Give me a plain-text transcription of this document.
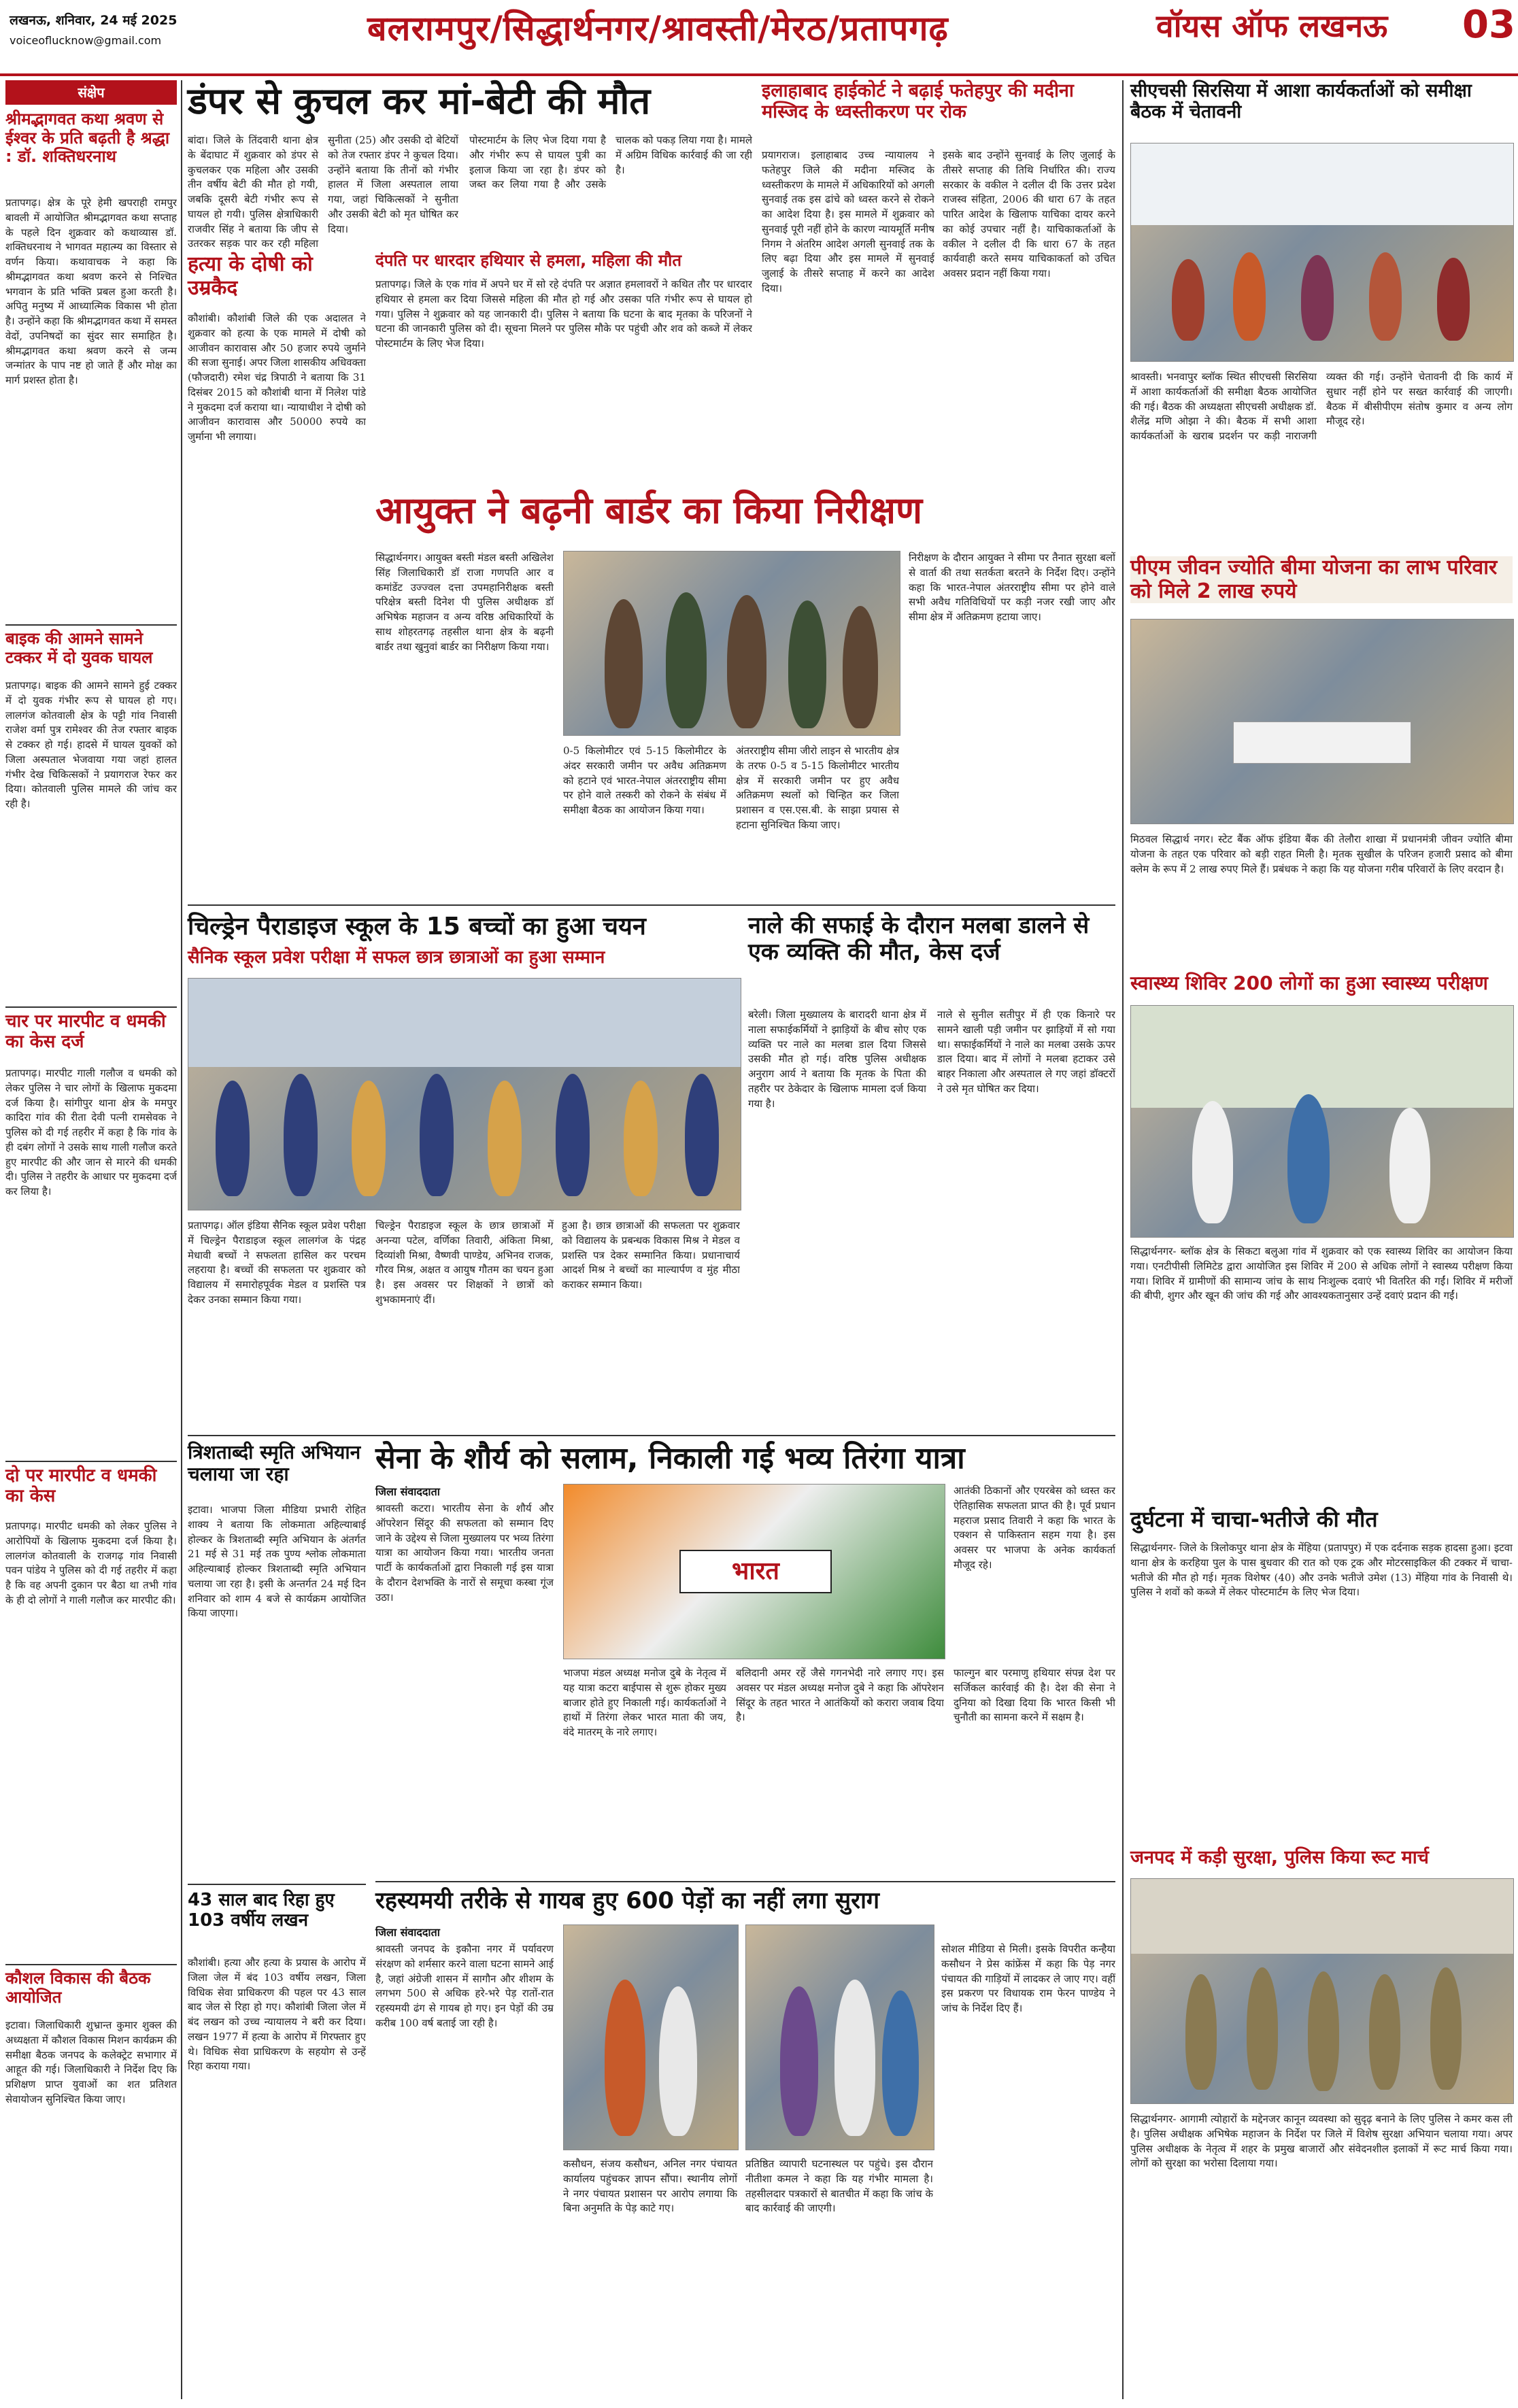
लखनऊ, शनिवार, 24 मई 2025
voiceoflucknow@gmail.com	बलरामपुर/सिद्धार्थनगर/श्रावस्ती/मेरठ/प्रतापगढ़	वॉयस ऑफ लखनऊ 03
संक्षेप
श्रीमद्भागवत कथा श्रवण से ईश्वर के प्रति बढ़ती है श्रद्धा : डॉ. शक्तिधरनाथ
प्रतापगढ़। क्षेत्र के पूरे हेमी खपराही रामपुर बावली में आयोजित श्रीमद्भागवत कथा सप्ताह के पहले दिन शुक्रवार को कथाव्यास डॉ. शक्तिधरनाथ ने भागवत महात्म्य का विस्तार से वर्णन किया। कथावाचक ने कहा कि श्रीमद्भागवत कथा श्रवण करने से निश्चित भगवान के प्रति भक्ति प्रबल हुआ करती है। अपितु मनुष्य में आध्यात्मिक विकास भी होता है। उन्होंने कहा कि श्रीमद्भागवत कथा में समस्त वेदों, उपनिषदों का सुंदर सार समाहित है। श्रीमद्भागवत कथा श्रवण करने से जन्म जन्मांतर के पाप नष्ट हो जाते हैं और मोक्ष का मार्ग प्रशस्त होता है।
बाइक की आमने सामने टक्कर में दो युवक घायल
प्रतापगढ़। बाइक की आमने सामने हुई टक्कर में दो युवक गंभीर रूप से घायल हो गए। लालगंज कोतवाली क्षेत्र के पट्टी गांव निवासी राजेश वर्मा पुत्र रामेश्वर की तेज रफ्तार बाइक से टक्कर हो गई। हादसे में घायल युवकों को जिला अस्पताल भेजवाया गया जहां हालत गंभीर देख चिकित्सकों ने प्रयागराज रेफर कर दिया। कोतवाली पुलिस मामले की जांच कर रही है।
चार पर मारपीट व धमकी का केस दर्ज
प्रतापगढ़। मारपीट गाली गलौज व धमकी को लेकर पुलिस ने चार लोगों के खिलाफ मुकदमा दर्ज किया है। सांगीपुर थाना क्षेत्र के ममपुर कादिरा गांव की रीता देवी पत्नी रामसेवक ने पुलिस को दी गई तहरीर में कहा है कि गांव के ही दबंग लोगों ने उसके साथ गाली गलौज करते हुए मारपीट की और जान से मारने की धमकी दी। पुलिस ने तहरीर के आधार पर मुकदमा दर्ज कर लिया है।
दो पर मारपीट व धमकी का केस
प्रतापगढ़। मारपीट धमकी को लेकर पुलिस ने आरोपियों के खिलाफ मुकदमा दर्ज किया है। लालगंज कोतवाली के राजगढ़ गांव निवासी पवन पांडेय ने पुलिस को दी गई तहरीर में कहा है कि वह अपनी दुकान पर बैठा था तभी गांव के ही दो लोगों ने गाली गलौज कर मारपीट की।
कौशल विकास की बैठक आयोजित
इटावा। जिलाधिकारी शुभ्रान्त कुमार शुक्ल की अध्यक्षता में कौशल विकास मिशन कार्यक्रम की समीक्षा बैठक जनपद के कलेक्ट्रेट सभागार में आहूत की गई। जिलाधिकारी ने निर्देश दिए कि प्रशिक्षण प्राप्त युवाओं का शत प्रतिशत सेवायोजन सुनिश्चित किया जाए।
डंपर से कुचल कर मां-बेटी की मौत
बांदा। जिले के तिंदवारी थाना क्षेत्र के बेंदाघाट में शुक्रवार को डंपर से कुचलकर एक महिला और उसकी तीन वर्षीय बेटी की मौत हो गयी, जबकि दूसरी बेटी गंभीर रूप से घायल हो गयी। पुलिस क्षेत्राधिकारी राजवीर सिंह ने बताया कि जीप से उतरकर सड़क पार कर रही महिला सुनीता (25) और उसकी दो बेटियों को तेज रफ्तार डंपर ने कुचल दिया। उन्होंने बताया कि तीनों को गंभीर हालत में जिला अस्पताल लाया गया, जहां चिकित्सकों ने सुनीता और उसकी बेटी को मृत घोषित कर दिया।
पोस्टमार्टम के लिए भेज दिया गया है और गंभीर रूप से घायल पुत्री का इलाज किया जा रहा है। डंपर को जब्त कर लिया गया है और उसके चालक को पकड़ लिया गया है। मामले में अग्रिम विधिक कार्रवाई की जा रही है।
दंपति पर धारदार हथियार से हमला, महिला की मौत
प्रतापगढ़। जिले के एक गांव में अपने घर में सो रहे दंपति पर अज्ञात हमलावरों ने कथित तौर पर धारदार हथियार से हमला कर दिया जिससे महिला की मौत हो गई और उसका पति गंभीर रूप से घायल हो गया। पुलिस ने शुक्रवार को यह जानकारी दी। पुलिस ने बताया कि घटना के बाद मृतका के परिजनों ने घटना की जानकारी पुलिस को दी। सूचना मिलने पर पुलिस मौके पर पहुंची और शव को कब्जे में लेकर पोस्टमार्टम के लिए भेज दिया।
हत्या के दोषी को उम्रकैद
कौशांबी। कौशांबी जिले की एक अदालत ने शुक्रवार को हत्या के एक मामले में दोषी को आजीवन कारावास और 50 हजार रुपये जुर्माने की सजा सुनाई। अपर जिला शासकीय अधिवक्ता (फौजदारी) रमेश चंद्र त्रिपाठी ने बताया कि 31 दिसंबर 2015 को कौशांबी थाना में निलेश पांडे ने मुकदमा दर्ज कराया था। न्यायाधीश ने दोषी को आजीवन कारावास और 50000 रुपये का जुर्माना भी लगाया।
इलाहाबाद हाईकोर्ट ने बढ़ाई फतेहपुर की मदीना मस्जिद के ध्वस्तीकरण पर रोक
प्रयागराज। इलाहाबाद उच्च न्यायालय ने फतेहपुर जिले की मदीना मस्जिद के ध्वस्तीकरण के मामले में अधिकारियों को अगली सुनवाई तक इस ढांचे को ध्वस्त करने से रोकने का आदेश दिया है। इस मामले में शुक्रवार को सुनवाई पूरी नहीं होने के कारण न्यायमूर्ति मनीष निगम ने अंतरिम आदेश अगली सुनवाई तक के लिए बढ़ा दिया और इस मामले में सुनवाई जुलाई के तीसरे सप्ताह में करने का आदेश दिया।
इसके बाद उन्होंने सुनवाई के लिए जुलाई के तीसरे सप्ताह की तिथि निर्धारित की। राज्य सरकार के वकील ने दलील दी कि उत्तर प्रदेश राजस्व संहिता, 2006 की धारा 67 के तहत पारित आदेश के खिलाफ याचिका दायर करने का कोई उपचार नहीं है। याचिकाकर्ताओं के वकील ने दलील दी कि धारा 67 के तहत कार्यवाही करते समय याचिकाकर्ता को उचित अवसर प्रदान नहीं किया गया।
आयुक्त ने बढ़नी बार्डर का किया निरीक्षण
सिद्धार्थनगर। आयुक्त बस्ती मंडल बस्ती अखिलेश सिंह जिलाधिकारी डॉ राजा गणपति आर व कमांडेंट उज्ज्वल दत्ता उपमहानिरीक्षक बस्ती परिक्षेत्र बस्ती दिनेश पी पुलिस अधीक्षक डॉ अभिषेक महाजन व अन्य वरिष्ठ अधिकारियों के साथ शोहरतगढ़ तहसील थाना क्षेत्र के बढ़नी बार्डर तथा खुनुवां बार्डर का निरीक्षण किया गया।
0-5 किलोमीटर एवं 5-15 किलोमीटर के अंदर सरकारी जमीन पर अवैध अतिक्रमण को हटाने एवं भारत-नेपाल अंतरराष्ट्रीय सीमा पर होने वाले तस्करी को रोकने के संबंध में समीक्षा बैठक का आयोजन किया गया।
अंतरराष्ट्रीय सीमा जीरो लाइन से भारतीय क्षेत्र के तरफ 0-5 व 5-15 किलोमीटर भारतीय क्षेत्र में सरकारी जमीन पर हुए अवैध अतिक्रमण स्थलों को चिन्हित कर जिला प्रशासन व एस.एस.बी. के साझा प्रयास से हटाना सुनिश्चित किया जाए।
निरीक्षण के दौरान आयुक्त ने सीमा पर तैनात सुरक्षा बलों से वार्ता की तथा सतर्कता बरतने के निर्देश दिए। उन्होंने कहा कि भारत-नेपाल अंतरराष्ट्रीय सीमा पर होने वाले सभी अवैध गतिविधियों पर कड़ी नजर रखी जाए और सीमा क्षेत्र में अतिक्रमण हटाया जाए।
सीएचसी सिरसिया में आशा कार्यकर्ताओं को समीक्षा बैठक में चेतावनी
श्रावस्ती। भनवापुर ब्लॉक स्थित सीएचसी सिरसिया में आशा कार्यकर्ताओं की समीक्षा बैठक आयोजित की गई। बैठक की अध्यक्षता सीएचसी अधीक्षक डॉ. शैलेंद्र मणि ओझा ने की। बैठक में सभी आशा कार्यकर्ताओं के खराब प्रदर्शन पर कड़ी नाराजगी व्यक्त की गई। उन्होंने चेतावनी दी कि कार्य में सुधार नहीं होने पर सख्त कार्रवाई की जाएगी। बैठक में बीसीपीएम संतोष कुमार व अन्य लोग मौजूद रहे।
पीएम जीवन ज्योति बीमा योजना का लाभ परिवार को मिले 2 लाख रुपये
मिठवल सिद्धार्थ नगर। स्टेट बैंक ऑफ इंडिया बैंक की तेलौरा शाखा में प्रधानमंत्री जीवन ज्योति बीमा योजना के तहत एक परिवार को बड़ी राहत मिली है। मृतक सुखील के परिजन हजारी प्रसाद को बीमा क्लेम के रूप में 2 लाख रुपए मिले हैं। प्रबंधक ने कहा कि यह योजना गरीब परिवारों के लिए वरदान है।
स्वास्थ्य शिविर 200 लोगों का हुआ स्वास्थ्य परीक्षण
सिद्धार्थनगर- ब्लॉक क्षेत्र के सिकटा बलुआ गांव में शुक्रवार को एक स्वास्थ्य शिविर का आयोजन किया गया। एनटीपीसी लिमिटेड द्वारा आयोजित इस शिविर में 200 से अधिक लोगों ने स्वास्थ्य परीक्षण किया गया। शिविर में ग्रामीणों की सामान्य जांच के साथ निःशुल्क दवाएं भी वितरित की गईं। शिविर में मरीजों की बीपी, शुगर और खून की जांच की गई और आवश्यकतानुसार उन्हें दवाएं प्रदान की गईं।
दुर्घटना में चाचा-भतीजे की मौत
सिद्धार्थनगर- जिले के त्रिलोकपुर थाना क्षेत्र के मेंहिया (प्रतापपुर) में एक दर्दनाक सड़क हादसा हुआ। इटवा थाना क्षेत्र के करहिया पुल के पास बुधवार की रात को एक ट्रक और मोटरसाइकिल की टक्कर में चाचा-भतीजे की मौत हो गई। मृतक विशेषर (40) और उनके भतीजे उमेश (13) मेंहिया गांव के निवासी थे। पुलिस ने शवों को कब्जे में लेकर पोस्टमार्टम के लिए भेज दिया।
जनपद में कड़ी सुरक्षा, पुलिस किया रूट मार्च
सिद्धार्थनगर- आगामी त्योहारों के मद्देनजर कानून व्यवस्था को सुदृढ़ बनाने के लिए पुलिस ने कमर कस ली है। पुलिस अधीक्षक अभिषेक महाजन के निर्देश पर जिले में विशेष सुरक्षा अभियान चलाया गया। अपर पुलिस अधीक्षक के नेतृत्व में शहर के प्रमुख बाजारों और संवेदनशील इलाकों में रूट मार्च किया गया। लोगों को सुरक्षा का भरोसा दिलाया गया।
चिल्ड्रेन पैराडाइज स्कूल के 15 बच्चों का हुआ चयन
सैनिक स्कूल प्रवेश परीक्षा में सफल छात्र छात्राओं का हुआ सम्मान
प्रतापगढ़। ऑल इंडिया सैनिक स्कूल प्रवेश परीक्षा में चिल्ड्रेन पैराडाइज स्कूल लालगंज के पंद्रह मेधावी बच्चों ने सफलता हासिल कर परचम लहराया है। बच्चों की सफलता पर शुक्रवार को विद्यालय में समारोहपूर्वक मेडल व प्रशस्ति पत्र देकर उनका सम्मान किया गया।
चिल्ड्रेन पैराडाइज स्कूल के छात्र छात्राओं में अनन्या पटेल, वर्णिका तिवारी, अंकिता मिश्रा, दिव्यांशी मिश्रा, वैष्णवी पाण्डेय, अभिनव राजक, गौरव मिश्र, अक्षत व आयुष गौतम का चयन हुआ है। इस अवसर पर शिक्षकों ने छात्रों को शुभकामनाएं दीं।
हुआ है। छात्र छात्राओं की सफलता पर शुक्रवार को विद्यालय के प्रबन्धक विकास मिश्र ने मेडल व प्रशस्ति पत्र देकर सम्मानित किया। प्रधानाचार्य आदर्श मिश्र ने बच्चों का माल्यार्पण व मुंह मीठा कराकर सम्मान किया।
नाले की सफाई के दौरान मलबा डालने से एक व्यक्ति की मौत, केस दर्ज
बरेली। जिला मुख्यालय के बारादरी थाना क्षेत्र में नाला सफाईकर्मियों ने झाड़ियों के बीच सोए एक व्यक्ति पर नाले का मलबा डाल दिया जिससे उसकी मौत हो गई। वरिष्ठ पुलिस अधीक्षक अनुराग आर्य ने बताया कि मृतक के पिता की तहरीर पर ठेकेदार के खिलाफ मामला दर्ज किया गया है।
नाले से सुनील सतीपुर में ही एक किनारे पर सामने खाली पड़ी जमीन पर झाड़ियों में सो गया था। सफाईकर्मियों ने नाले का मलबा उसके ऊपर डाल दिया। बाद में लोगों ने मलबा हटाकर उसे बाहर निकाला और अस्पताल ले गए जहां डॉक्टरों ने उसे मृत घोषित कर दिया।
त्रिशताब्दी स्मृति अभियान चलाया जा रहा
इटावा। भाजपा जिला मीडिया प्रभारी रोहित शाक्य ने बताया कि लोकमाता अहिल्याबाई होल्कर के त्रिशताब्दी स्मृति अभियान के अंतर्गत 21 मई से 31 मई तक पुण्य श्लोक लोकमाता अहिल्याबाई होल्कर त्रिशताब्दी स्मृति अभियान चलाया जा रहा है। इसी के अन्तर्गत 24 मई दिन शनिवार को शाम 4 बजे से कार्यक्रम आयोजित किया जाएगा।
सेना के शौर्य को सलाम, निकाली गई भव्य तिरंगा यात्रा
जिला संवाददाता
श्रावस्ती कटरा। भारतीय सेना के शौर्य और ऑपरेशन सिंदूर की सफलता को सम्मान दिए जाने के उद्देश्य से जिला मुख्यालय पर भव्य तिरंगा यात्रा का आयोजन किया गया। भारतीय जनता पार्टी के कार्यकर्ताओं द्वारा निकाली गई इस यात्रा के दौरान देशभक्ति के नारों से समूचा कस्बा गूंज उठा।
भाजपा मंडल अध्यक्ष मनोज दुबे के नेतृत्व में यह यात्रा कटरा बाईपास से शुरू होकर मुख्य बाजार होते हुए निकाली गई। कार्यकर्ताओं ने हाथों में तिरंगा लेकर भारत माता की जय, वंदे मातरम् के नारे लगाए।
भारत
बलिदानी अमर रहें जैसे गगनभेदी नारे लगाए गए। इस अवसर पर मंडल अध्यक्ष मनोज दुबे ने कहा कि ऑपरेशन सिंदूर के तहत भारत ने आतंकियों को करारा जवाब दिया है।
आतंकी ठिकानों और एयरबेस को ध्वस्त कर ऐतिहासिक सफलता प्राप्त की है। पूर्व प्रधान महराज प्रसाद तिवारी ने कहा कि भारत के एक्शन से पाकिस्तान सहम गया है। इस अवसर पर भाजपा के अनेक कार्यकर्ता मौजूद रहे।
फाल्गुन बार परमाणु हथियार संपन्न देश पर सर्जिकल कार्रवाई की है। देश की सेना ने दुनिया को दिखा दिया कि भारत किसी भी चुनौती का सामना करने में सक्षम है।
रहस्यमयी तरीके से गायब हुए 600 पेड़ों का नहीं लगा सुराग
जिला संवाददाता
श्रावस्ती जनपद के इकौना नगर में पर्यावरण संरक्षण को शर्मसार करने वाला घटना सामने आई है, जहां अंग्रेजी शासन में सागौन और शीशम के लगभग 500 से अधिक हरे-भरे पेड़ रातों-रात रहस्यमयी ढंग से गायब हो गए। इन पेड़ों की उम्र करीब 100 वर्ष बताई जा रही है।
कसौधन, संजय कसौधन, अनिल नगर पंचायत कार्यालय पहुंचकर ज्ञापन सौंपा। स्थानीय लोगों ने नगर पंचायत प्रशासन पर आरोप लगाया कि बिना अनुमति के पेड़ काटे गए।
प्रतिष्ठित व्यापारी घटनास्थल पर पहुंचे। इस दौरान नीतीशा कमल ने कहा कि यह गंभीर मामला है। तहसीलदार पत्रकारों से बातचीत में कहा कि जांच के बाद कार्रवाई की जाएगी।
सोशल मीडिया से मिली। इसके विपरीत कन्हैया कसौधन ने प्रेस कांफ्रेंस में कहा कि पेड़ नगर पंचायत की गाड़ियों में लादकर ले जाए गए। वहीं इस प्रकरण पर विधायक राम फेरन पाण्डेय ने जांच के निर्देश दिए हैं।
43 साल बाद रिहा हुए 103 वर्षीय लखन
कौशांबी। हत्या और हत्या के प्रयास के आरोप में जिला जेल में बंद 103 वर्षीय लखन, जिला विधिक सेवा प्राधिकरण की पहल पर 43 साल बाद जेल से रिहा हो गए। कौशांबी जिला जेल में बंद लखन को उच्च न्यायालय ने बरी कर दिया। लखन 1977 में हत्या के आरोप में गिरफ्तार हुए थे। विधिक सेवा प्राधिकरण के सहयोग से उन्हें रिहा कराया गया।
